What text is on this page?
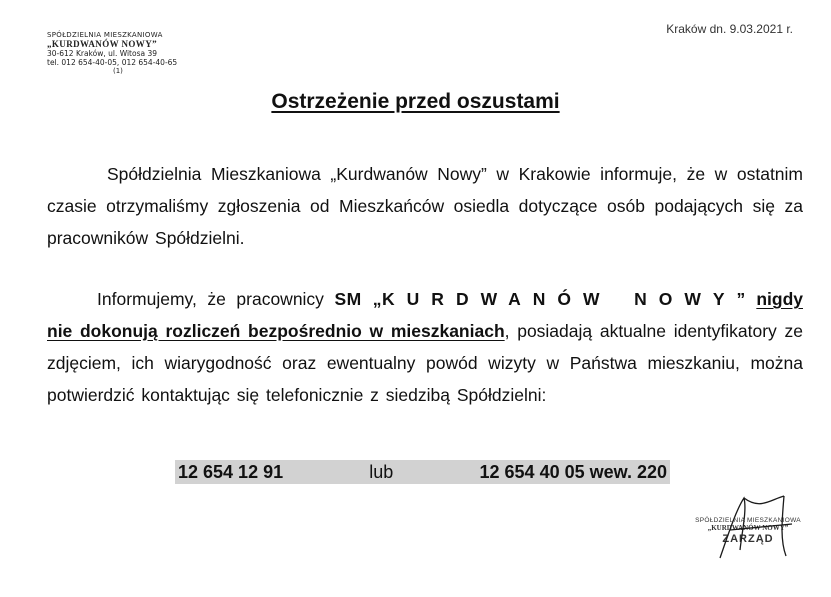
SPÓŁDZIELNIA MIESZKANIOWA
„KURDWANÓW NOWY”
30-612 Kraków, ul. Witosa 39
tel. 012 654-40-05, 012 654-40-65
(1)
Kraków dn. 9.03.2021 r.
Ostrzeżenie przed oszustami
Spółdzielnia Mieszkaniowa „Kurdwanów Nowy” w Krakowie informuje, że w ostatnim czasie otrzymaliśmy zgłoszenia od Mieszkańców osiedla dotyczące osób podających się za pracowników Spółdzielni.
Informujemy, że pracownicy SM „KURDWANÓW NOWY” nigdy nie dokonują rozliczeń bezpośrednio w mieszkaniach, posiadają aktualne identyfikatory ze zdjęciem, ich wiarygodność oraz ewentualny powód wizyty w Państwa mieszkaniu, można potwierdzić kontaktując się telefonicznie z siedzibą Spółdzielni:
12 654 12 91	lub	12 654 40 05 wew. 220
SPÓŁDZIELNIA MIESZKANIOWA
„KURDWANÓW NOWY”
ZARZĄD
